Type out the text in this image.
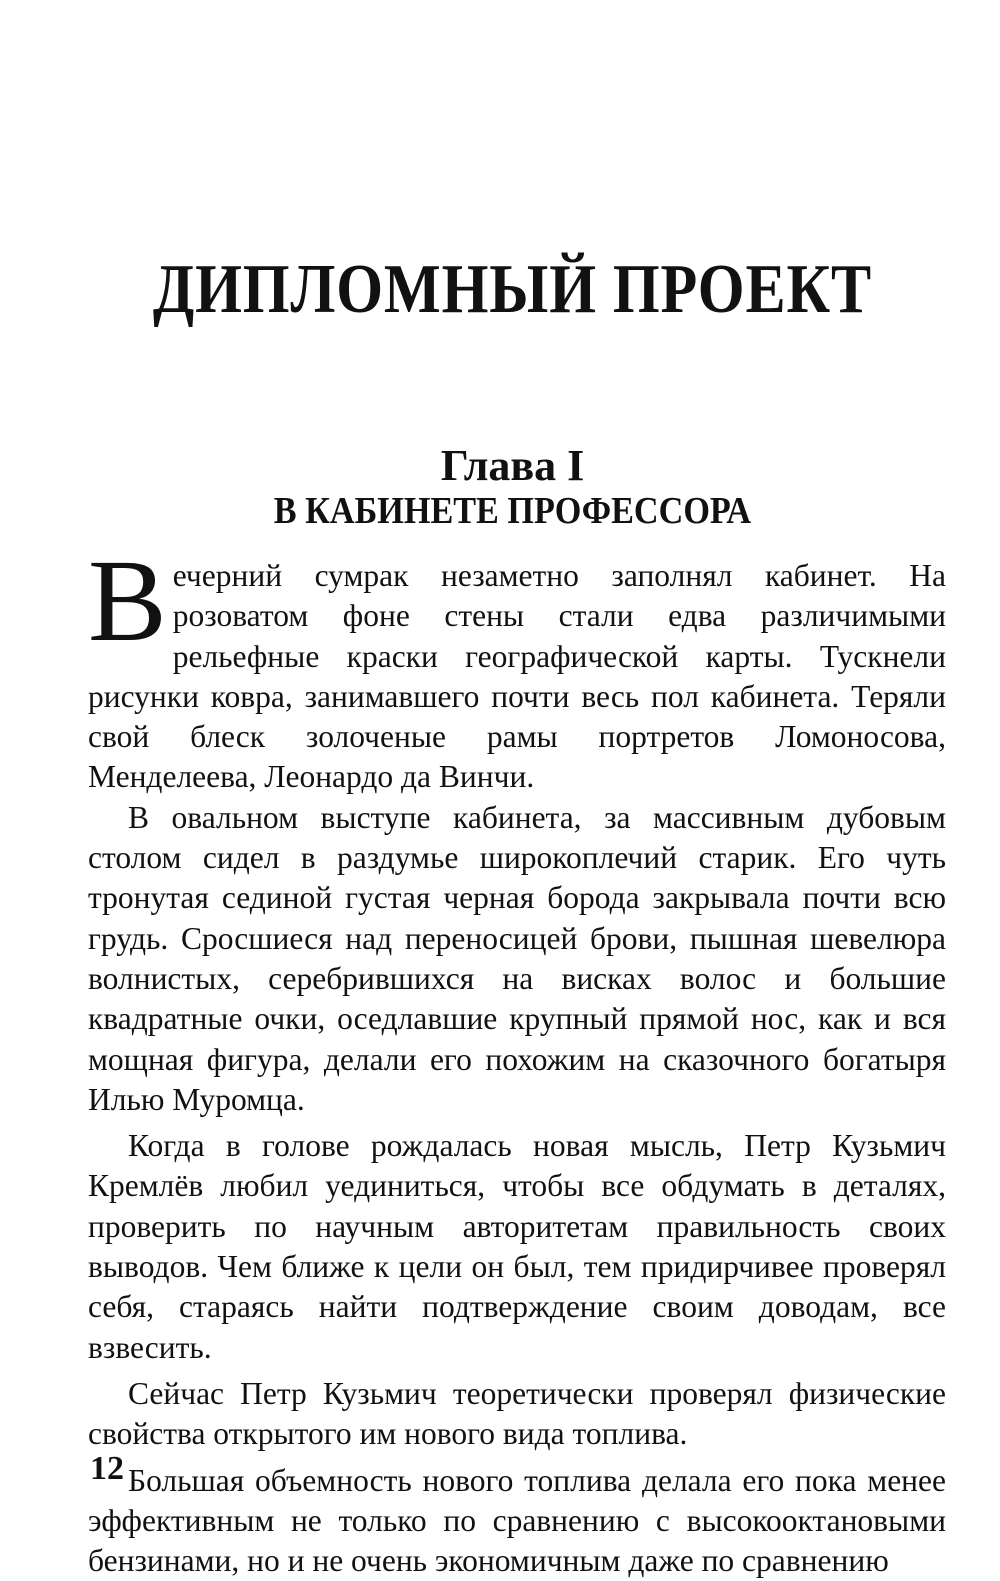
ДИПЛОМНЫЙ ПРОЕКТ
Глава I
В КАБИНЕТЕ ПРОФЕССОРА

Вечерний сумрак незаметно заполнял кабинет. На розоватом фоне стены стали едва различимыми рельефные краски географической карты. Тускнели рисунки ковра, занимавшего почти весь пол кабинета. Теряли свой блеск золоченые рамы портретов Ломоносова, Менделеева, Леонардо да Винчи.

В овальном выступе кабинета, за массивным дубовым столом сидел в раздумье широкоплечий старик. Его чуть тронутая сединой густая черная борода закрывала почти всю грудь. Сросшиеся над переносицей брови, пышная шевелюра волнистых, серебрившихся на висках волос и большие квадратные очки, оседлавшие крупный прямой нос, как и вся мощная фигура, делали его похожим на сказочного богатыря Илью Муромца.

Когда в голове рождалась новая мысль, Петр Кузьмич Кремлёв любил уединиться, чтобы все обдумать в деталях, проверить по научным авторитетам правильность своих выводов. Чем ближе к цели он был, тем придирчивее проверял себя, стараясь найти подтверждение своим доводам, все взвесить.

Сейчас Петр Кузьмич теоретически проверял физические свойства открытого им нового вида топлива.

Большая объемность нового топлива делала его пока менее эффективным не только по сравнению с высокооктановыми бензинами, но и не очень экономичным даже по сравнению

12
